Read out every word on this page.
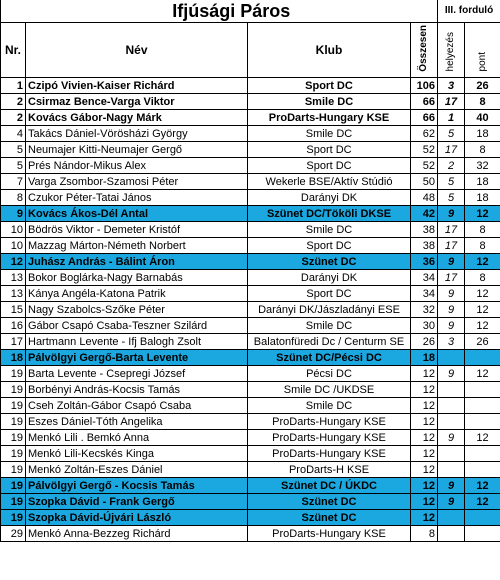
	Ifjúsági Páros			III. forduló	
Nr.	Név	Klub	Összesen	helyezés	pont
1	Czipó Vivien-Kaiser Richárd	Sport DC	106	3	26
2	Csirmaz Bence-Varga Viktor	Smile DC	66	17	8
2	Kovács Gábor-Nagy Márk	ProDarts-Hungary KSE	66	1	40
4	Takács Dániel-Vörösházi György	Smile DC	62	5	18
5	Neumajer Kitti-Neumajer Gergő	Sport DC	52	17	8
5	Prés Nándor-Mikus Alex	Sport DC	52	2	32
7	Varga Zsombor-Szamosi Péter	Wekerle BSE/Aktív Stúdió	50	5	18
8	Czukor Péter-Tatai János	Darányi DK	48	5	18
9	Kovács Ákos-Dél Antal	Szünet DC/Tököli DKSE	42	9	12
10	Bödrös Viktor - Demeter Kristóf	Smile DC	38	17	8
10	Mazzag Márton-Németh Norbert	Sport DC	38	17	8
12	Juhász András - Bálint Áron	Szünet DC	36	9	12
13	Bokor Boglárka-Nagy Barnabás	Darányi DK	34	17	8
13	Kánya Angéla-Katona Patrik	Sport DC	34	9	12
15	Nagy Szabolcs-Szőke Péter	Darányi DK/Jászladányi ESE	32	9	12
16	Gábor Csapó Csaba-Teszner Szilárd	Smile DC	30	9	12
17	Hartmann Levente - Ifj Balogh Zsolt	Balatonfüredi Dc / Centurm SE	26	3	26
18	Pálvölgyi Gergő-Barta Levente	Szünet DC/Pécsi DC	18		
19	Barta Levente - Csepregi József	Pécsi DC	12	9	12
19	Borbényi András-Kocsis Tamás	Smile DC /UKDSE	12		
19	Cseh Zoltán-Gábor Csapó Csaba	Smile DC	12		
19	Eszes Dániel-Tóth Angelika	ProDarts-Hungary KSE	12		
19	Menkó Lili . Bemkó Anna	ProDarts-Hungary KSE	12	9	12
19	Menkó Lili-Kecskés Kinga	ProDarts-Hungary KSE	12		
19	Menkó Zoltán-Eszes Dániel	ProDarts-H KSE	12		
19	Pálvölgyi Gergő - Kocsis Tamás	Szünet DC / ÚKDC	12	9	12
19	Szopka Dávid - Frank Gergő	Szünet DC	12	9	12
19	Szopka Dávid-Újvári László	Szünet DC	12		
29	Menkó Anna-Bezzeg Richárd	ProDarts-Hungary KSE	8		
